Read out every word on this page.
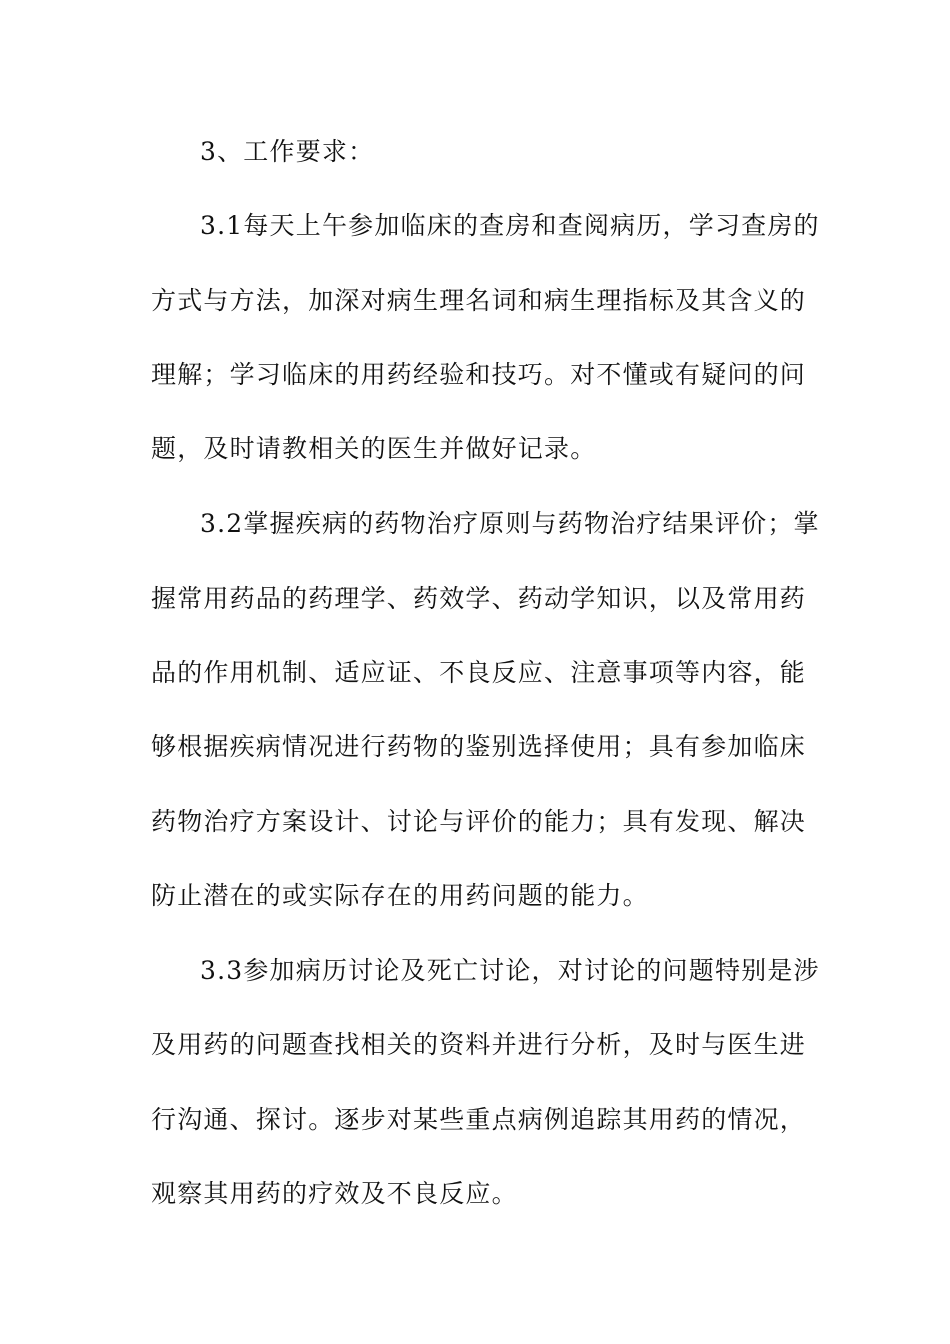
3、工作要求：
3.1每天上午参加临床的查房和查阅病历，学习查房的
方式与方法，加深对病生理名词和病生理指标及其含义的
理解；学习临床的用药经验和技巧。对不懂或有疑问的问
题，及时请教相关的医生并做好记录。
3.2掌握疾病的药物治疗原则与药物治疗结果评价；掌
握常用药品的药理学、药效学、药动学知识，以及常用药
品的作用机制、适应证、不良反应、注意事项等内容，能
够根据疾病情况进行药物的鉴别选择使用；具有参加临床
药物治疗方案设计、讨论与评价的能力；具有发现、解决
防止潜在的或实际存在的用药问题的能力。
3.3参加病历讨论及死亡讨论，对讨论的问题特别是涉
及用药的问题查找相关的资料并进行分析，及时与医生进
行沟通、探讨。逐步对某些重点病例追踪其用药的情况，
观察其用药的疗效及不良反应。
